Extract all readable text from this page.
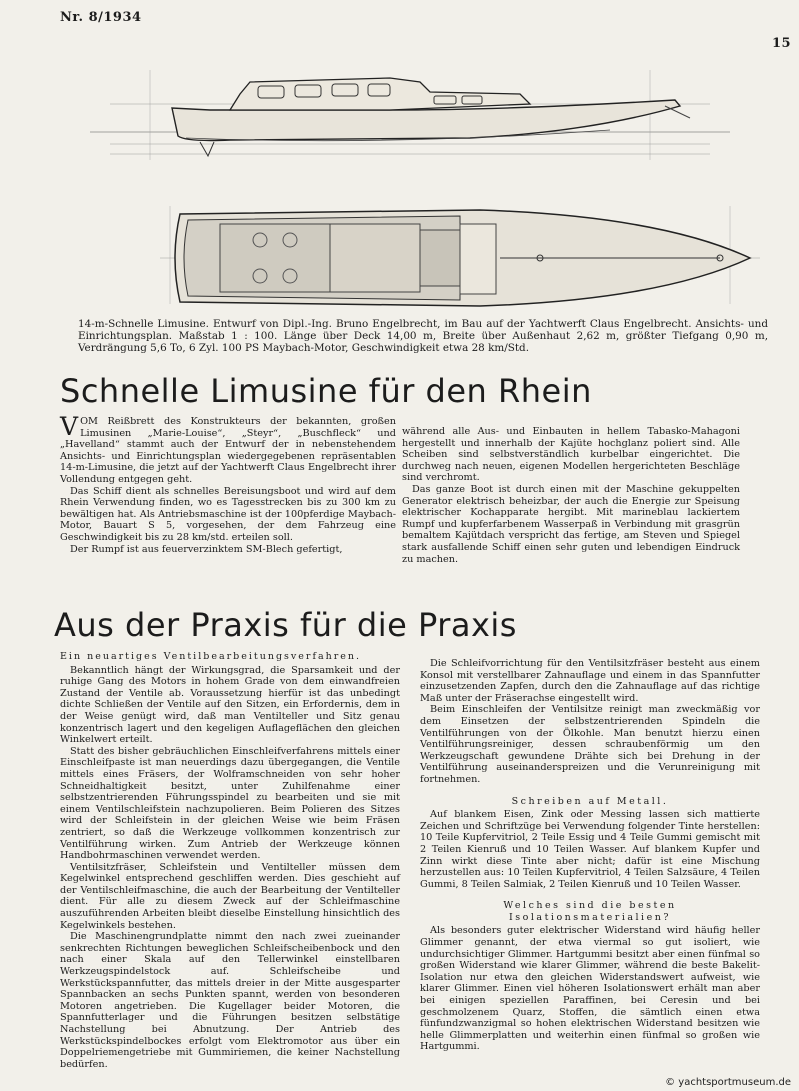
Nr. 8/1934
15
14-m-Schnelle Limusine. Entwurf von Dipl.-Ing. Bruno Engelbrecht, im Bau auf der Yachtwerft Claus Engelbrecht. Ansichts- und Einrichtungsplan. Maßstab 1 : 100. Länge über Deck 14,00 m, Breite über Außenhaut 2,62 m, größter Tiefgang 0,90 m, Verdrängung 5,6 To, 6 Zyl. 100 PS Maybach-Motor, Geschwindigkeit etwa 28 km/Std.
Schnelle Limusine für den Rhein

VOM Reißbrett des Konstrukteurs der bekannten, großen Limusinen „Marie-Louise“, „Steyr“, „Buschfleck“ und „Havelland“ stammt auch der Entwurf der in nebenstehendem Ansichts- und Einrichtungsplan wiedergegebenen repräsentablen 14-m-Limusine, die jetzt auf der Yachtwerft Claus Engelbrecht ihrer Vollendung entgegen geht.

Das Schiff dient als schnelles Bereisungsboot und wird auf dem Rhein Verwendung finden, wo es Tagesstrecken bis zu 300 km zu bewältigen hat. Als Antriebsmaschine ist der 100pferdige Maybach-Motor, Bauart S 5, vorgesehen, der dem Fahrzeug eine Geschwindigkeit bis zu 28 km/std. erteilen soll.

Der Rumpf ist aus feuerverzinktem SM-Blech gefertigt,

während alle Aus- und Einbauten in hellem Tabasko-Mahagoni hergestellt und innerhalb der Kajüte hochglanz poliert sind. Alle Scheiben sind selbstverständlich kurbelbar eingerichtet. Die durchweg nach neuen, eigenen Modellen hergerichteten Beschläge sind verchromt.

Das ganze Boot ist durch einen mit der Maschine gekuppelten Generator elektrisch beheizbar, der auch die Energie zur Speisung elektrischer Kochapparate hergibt. Mit marineblau lackiertem Rumpf und kupferfarbenem Wasserpaß in Verbindung mit grasgrün bemaltem Kajütdach verspricht das fertige, am Steven und Spiegel stark ausfallende Schiff einen sehr guten und lebendigen Eindruck zu machen.

Aus der Praxis für die Praxis
Ein neuartiges Ventilbearbeitungsverfahren.

Bekanntlich hängt der Wirkungsgrad, die Sparsamkeit und der ruhige Gang des Motors in hohem Grade von dem einwandfreien Zustand der Ventile ab. Voraussetzung hierfür ist das unbedingt dichte Schließen der Ventile auf den Sitzen, ein Erfordernis, dem in der Weise genügt wird, daß man Ventilteller und Sitz genau konzentrisch lagert und den kegeligen Auflageflächen den gleichen Winkelwert erteilt.

Statt des bisher gebräuchlichen Einschleifverfahrens mittels einer Einschleifpaste ist man neuerdings dazu übergegangen, die Ventile mittels eines Fräsers, der Wolframschneiden von sehr hoher Schneidhaltigkeit besitzt, unter Zuhilfenahme einer selbstzentrierenden Führungsspindel zu bearbeiten und sie mit einem Ventilschleifstein nachzupolieren. Beim Polieren des Sitzes wird der Schleifstein in der gleichen Weise wie beim Fräsen zentriert, so daß die Werkzeuge vollkommen konzentrisch zur Ventilführung wirken. Zum Antrieb der Werkzeuge können Handbohrmaschinen verwendet werden.

Ventilsitzfräser, Schleifstein und Ventilteller müssen dem Kegelwinkel entsprechend geschliffen werden. Dies geschieht auf der Ventilschleifmaschine, die auch der Bearbeitung der Ventilteller dient. Für alle zu diesem Zweck auf der Schleifmaschine auszuführenden Arbeiten bleibt dieselbe Einstellung hinsichtlich des Kegelwinkels bestehen.

Die Maschinengrundplatte nimmt den nach zwei zueinander senkrechten Richtungen beweglichen Schleifscheibenbock und den nach einer Skala auf den Tellerwinkel einstellbaren Werkzeugspindelstock auf. Schleifscheibe und Werkstückspannfutter, das mittels dreier in der Mitte ausgesparter Spannbacken an sechs Punkten spannt, werden von besonderen Motoren angetrieben. Die Kugellager beider Motoren, die Spannfutterlager und die Führungen besitzen selbstätige Nachstellung bei Abnutzung. Der Antrieb des Werkstückspindelbockes erfolgt vom Elektromotor aus über ein Doppelriemengetriebe mit Gummiriemen, die keiner Nachstellung bedürfen.

Die Schleifvorrichtung für den Ventilsitzfräser besteht aus einem Konsol mit verstellbarer Zahnauflage und einem in das Spannfutter einzusetzenden Zapfen, durch den die Zahnauflage auf das richtige Maß unter der Fräserachse eingestellt wird.

Beim Einschleifen der Ventilsitze reinigt man zweckmäßig vor dem Einsetzen der selbstzentrierenden Spindeln die Ventilführungen von der Ölkohle. Man benutzt hierzu einen Ventilführungsreiniger, dessen schraubenförmig um den Werkzeugschaft gewundene Drähte sich bei Drehung in der Ventilführung auseinanderspreizen und die Verunreinigung mit fortnehmen.

Schreiben auf Metall.

Auf blankem Eisen, Zink oder Messing lassen sich mattierte Zeichen und Schriftzüge bei Verwendung folgender Tinte herstellen: 10 Teile Kupfervitriol, 2 Teile Essig und 4 Teile Gummi gemischt mit 2 Teilen Kienruß und 10 Teilen Wasser. Auf blankem Kupfer und Zinn wirkt diese Tinte aber nicht; dafür ist eine Mischung herzustellen aus: 10 Teilen Kupfervitriol, 4 Teilen Salzsäure, 4 Teilen Gummi, 8 Teilen Salmiak, 2 Teilen Kienruß und 10 Teilen Wasser.

Welches sind die besten Isolationsmaterialien?

Als besonders guter elektrischer Widerstand wird häufig heller Glimmer genannt, der etwa viermal so gut isoliert, wie undurchsichtiger Glimmer. Hartgummi besitzt aber einen fünfmal so großen Widerstand wie klarer Glimmer, während die beste Bakelit-Isolation nur etwa den gleichen Widerstandswert aufweist, wie klarer Glimmer. Einen viel höheren Isolationswert erhält man aber bei einigen speziellen Paraffinen, bei Ceresin und bei geschmolzenem Quarz, Stoffen, die sämtlich einen etwa fünfundzwanzigmal so hohen elektrischen Widerstand besitzen wie helle Glimmerplatten und weiterhin einen fünfmal so großen wie Hartgummi.

© yachtsportmuseum.de
